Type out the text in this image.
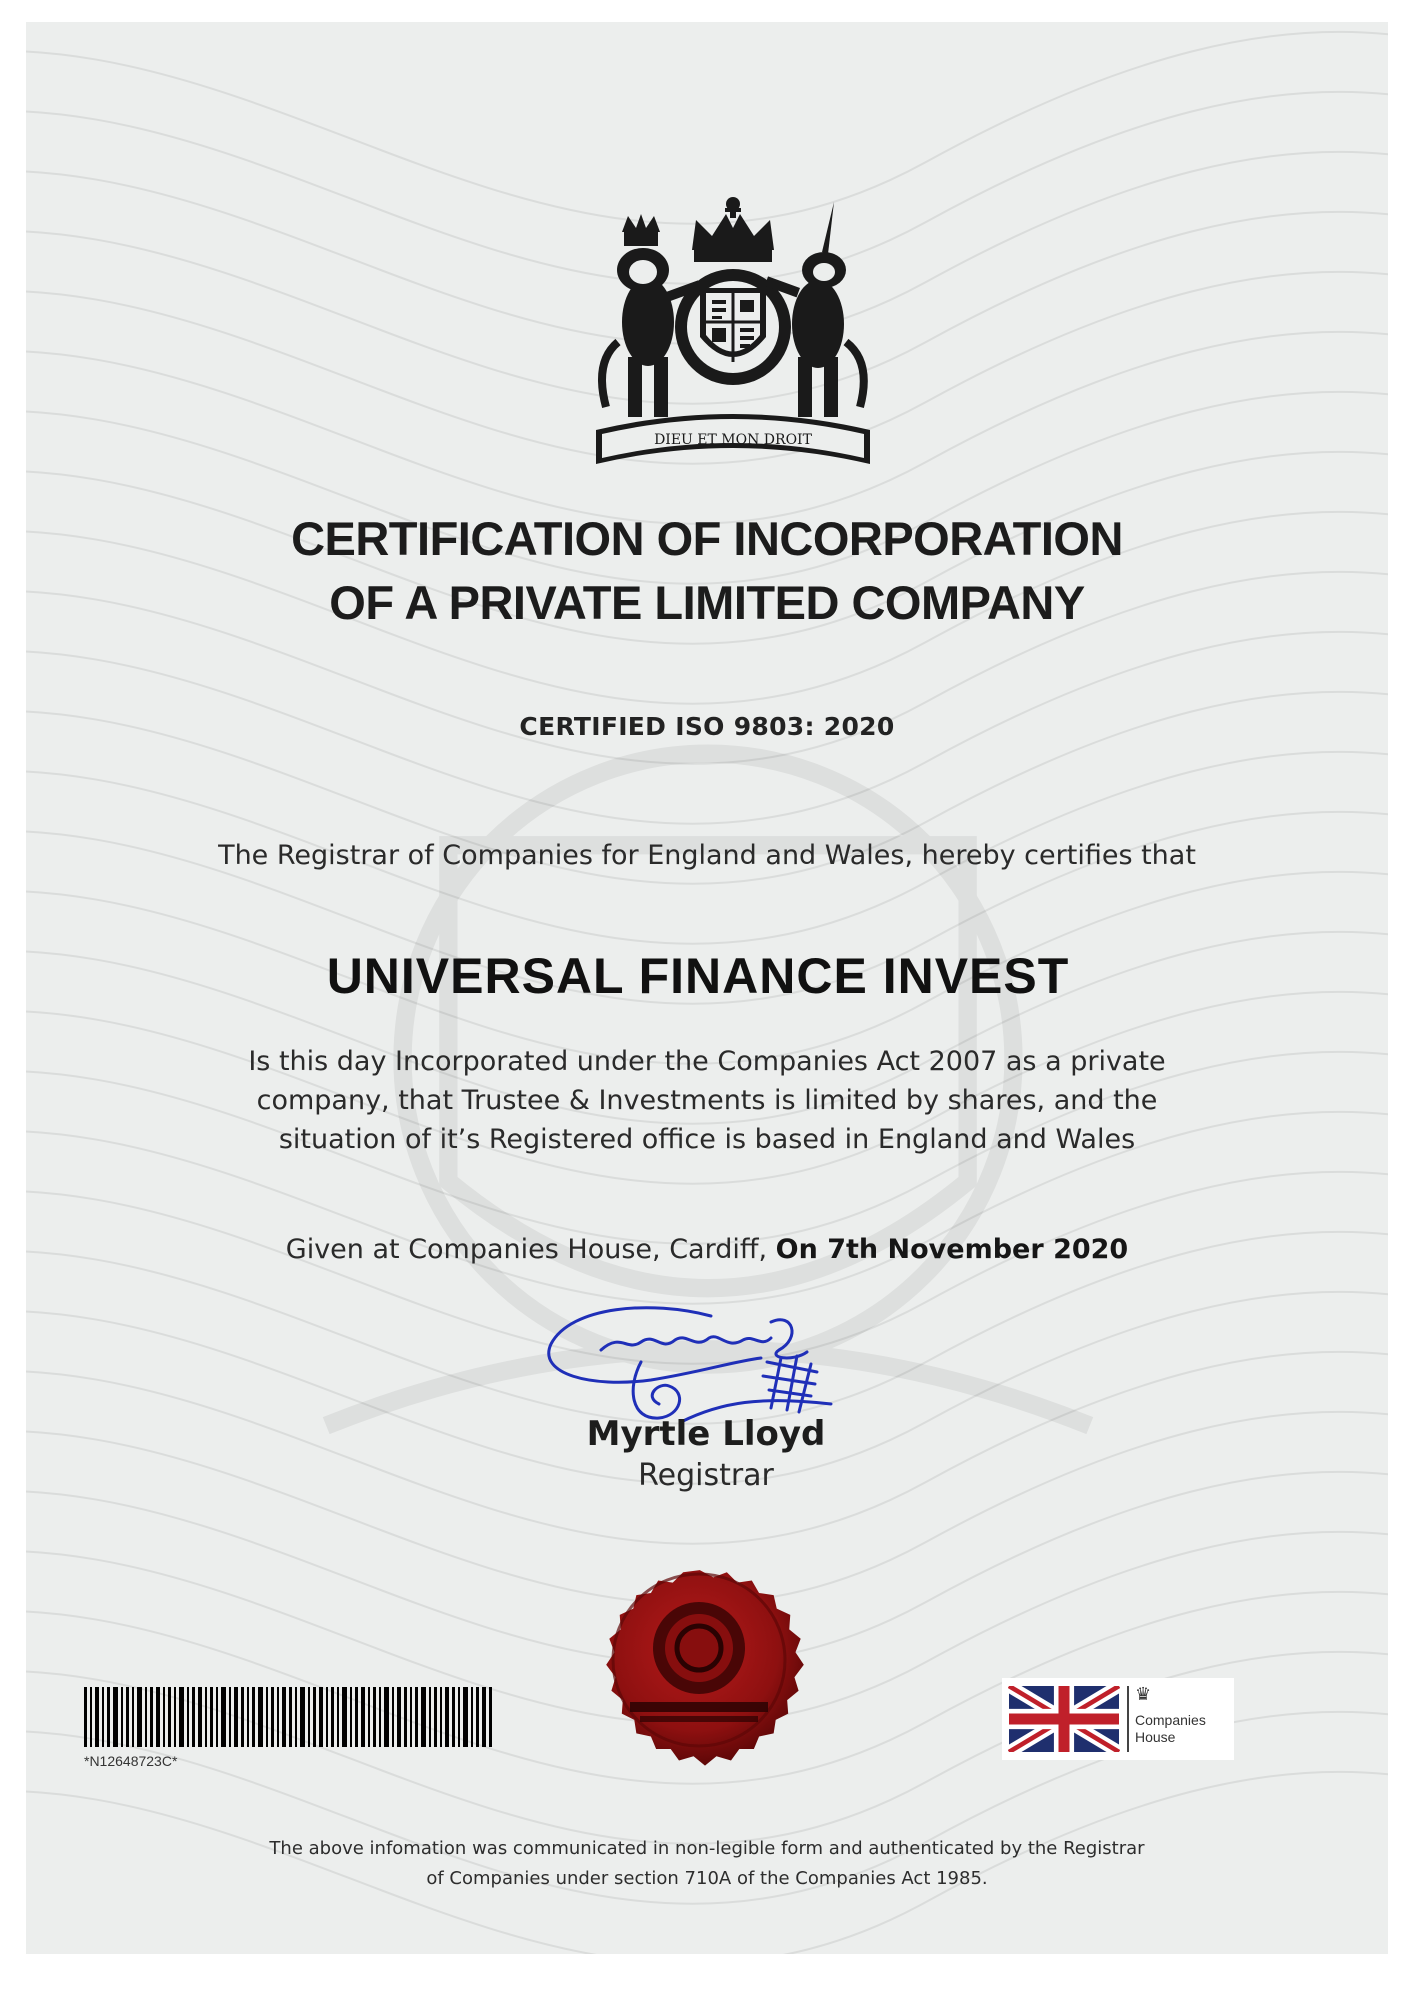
DIEU ET MON DROIT
CERTIFICATION OF INCORPORATION
OF A PRIVATE LIMITED COMPANY

CERTIFIED ISO 9803: 2020

The Registrar of Companies for England and Wales, hereby certifies that

UNIVERSAL FINANCE INVEST

Is this day Incorporated under the Companies Act 2007 as a private
company, that Trustee & Investments is limited by shares, and the
situation of it’s Registered office is based in England and Wales

Given at Companies House, Cardiff, On 7th November 2020

Myrtle Lloyd

Registrar

*N12648723C*
♛
Companies
House

The above infomation was communicated in non-legible form and authenticated by the Registrar
of Companies under section 710A of the Companies Act 1985.
